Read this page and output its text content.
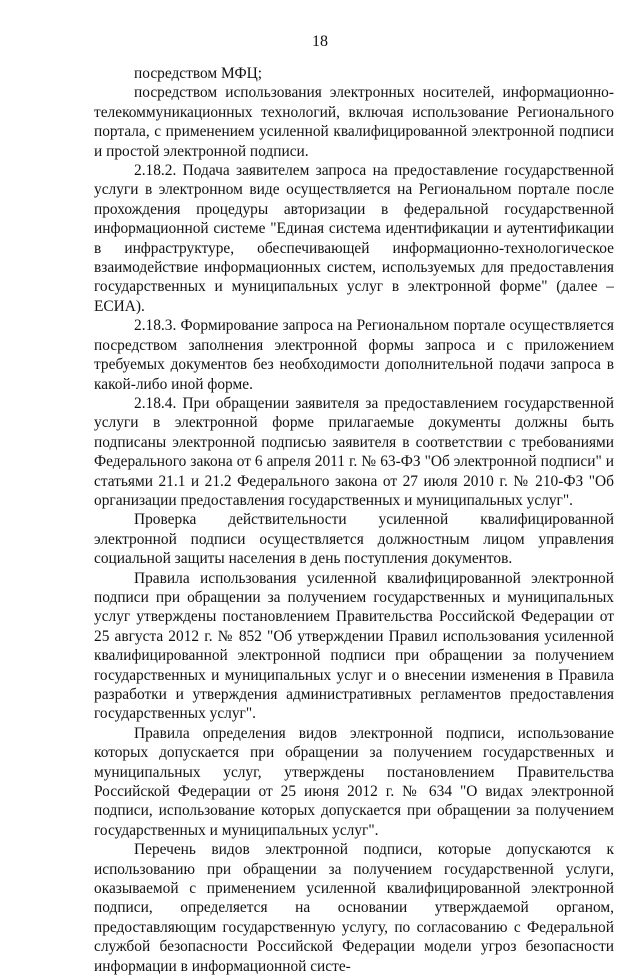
18

посредством МФЦ;

посредством использования электронных носителей, информационно-телекоммуникационных технологий, включая использование Регионального портала, с применением усиленной квалифицированной электронной подписи и простой электронной подписи.

2.18.2. Подача заявителем запроса на предоставление государственной услуги в электронном виде осуществляется на Региональном портале после прохождения процедуры авторизации в федеральной государственной информационной системе "Единая система идентификации и аутентификации в инфраструктуре, обеспечивающей информационно-технологическое взаимодействие информационных систем, используемых для предоставления государственных и муниципальных услуг в электронной форме" (далее – ЕСИА).

2.18.3. Формирование запроса на Региональном портале осуществляется посредством заполнения электронной формы запроса и с приложением требуемых документов без необходимости дополнительной подачи запроса в какой-либо иной форме.

2.18.4. При обращении заявителя за предоставлением государственной услуги в электронной форме прилагаемые документы должны быть подписаны электронной подписью заявителя в соответствии с требованиями Федерального закона от 6 апреля 2011 г. № 63-ФЗ "Об электронной подписи" и статьями 21.1 и 21.2 Федерального закона от 27 июля 2010 г. № 210-ФЗ "Об организации предоставления государственных и муниципальных услуг".

Проверка действительности усиленной квалифицированной электронной подписи осуществляется должностным лицом управления социальной защиты населения в день поступления документов.

Правила использования усиленной квалифицированной электронной подписи при обращении за получением государственных и муниципальных услуг утверждены постановлением Правительства Российской Федерации от 25 августа 2012 г. № 852 "Об утверждении Правил использования усиленной квалифицированной электронной подписи при обращении за получением государственных и муниципальных услуг и о внесении изменения в Правила разработки и утверждения административных регламентов предоставления государственных услуг".

Правила определения видов электронной подписи, использование которых допускается при обращении за получением государственных и муниципальных услуг, утверждены постановлением Правительства Российской Федерации от 25 июня 2012 г. № 634 "О видах электронной подписи, использование которых допускается при обращении за получением государственных и муниципальных услуг".

Перечень видов электронной подписи, которые допускаются к использованию при обращении за получением государственной услуги, оказываемой с применением усиленной квалифицированной электронной подписи, определяется на основании утверждаемой органом, предоставляющим государственную услугу, по согласованию с Федеральной службой безопасности Российской Федерации модели угроз безопасности информации в информационной систе-
